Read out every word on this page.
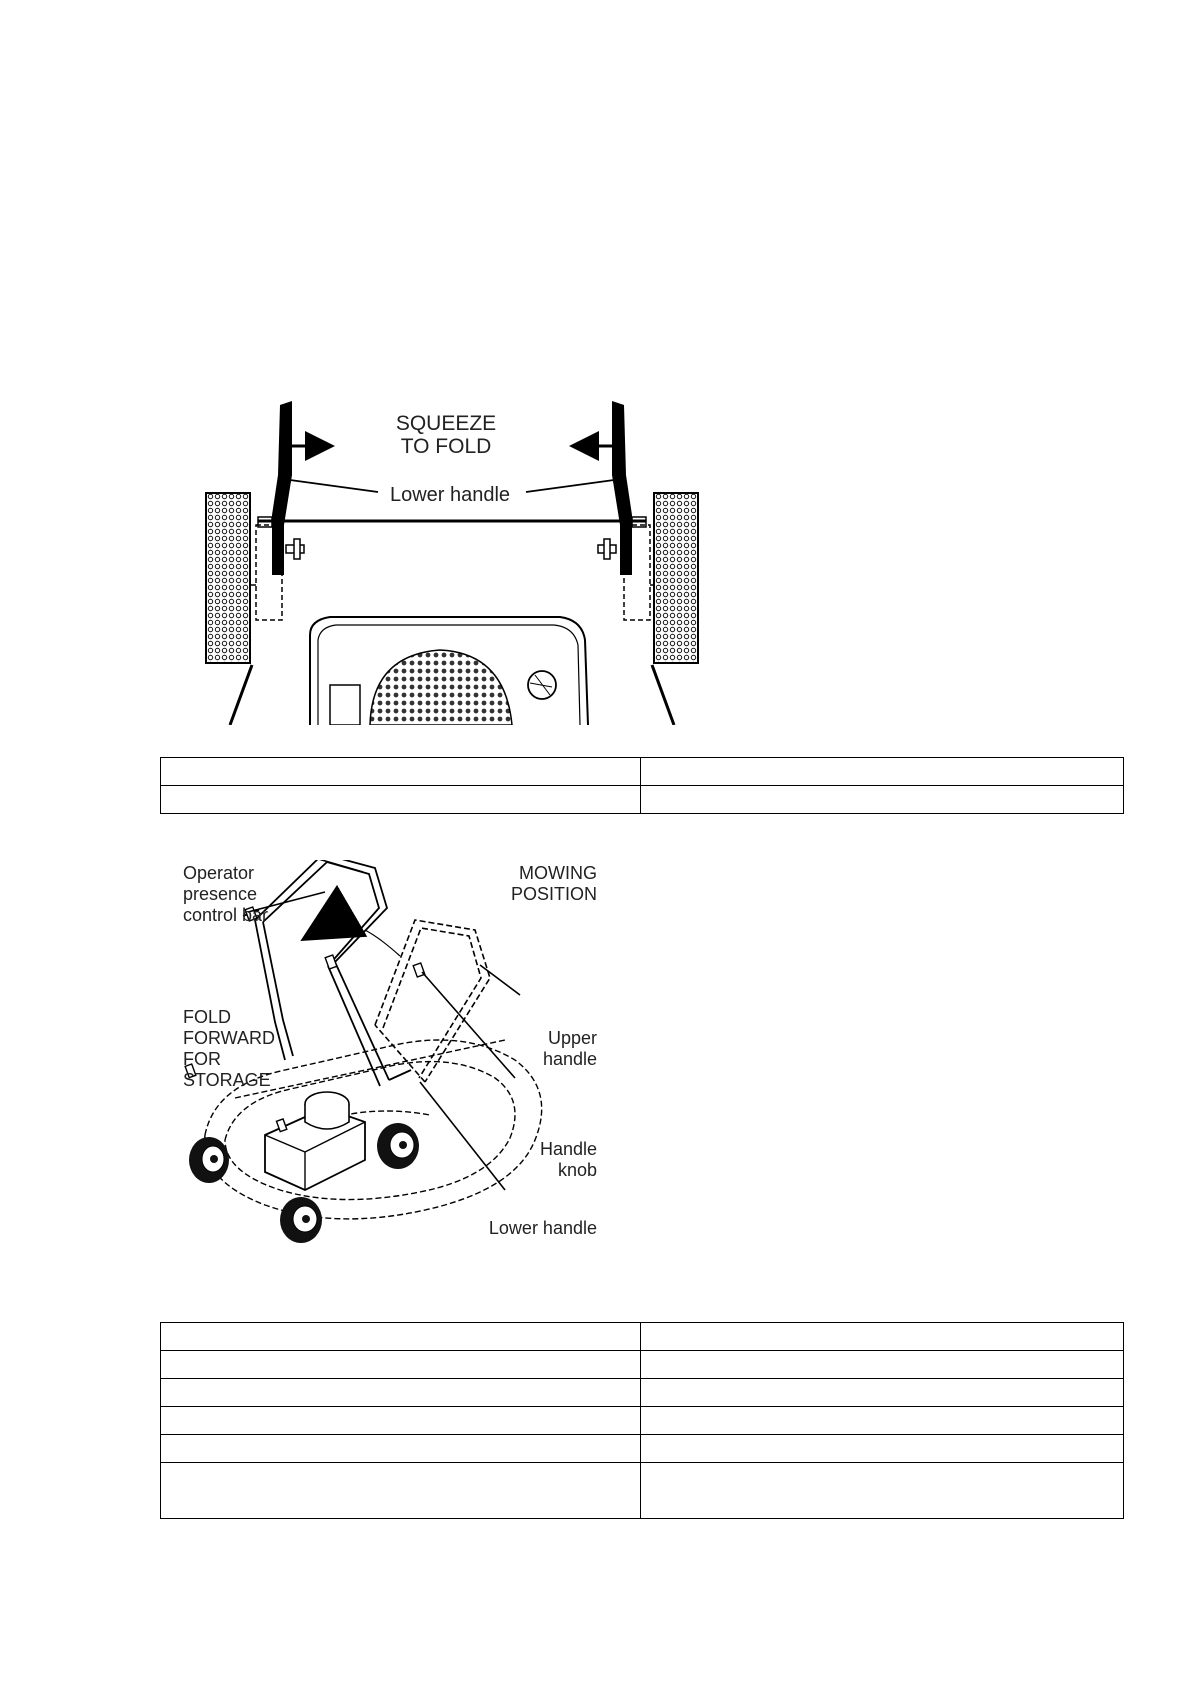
SQUEEZE
TO FOLD
Lower handle

Operator
presence
control bar
MOWING
POSITION
FOLD
FORWARD
FOR
STORAGE
Upper
handle
Handle
knob
Lower handle
